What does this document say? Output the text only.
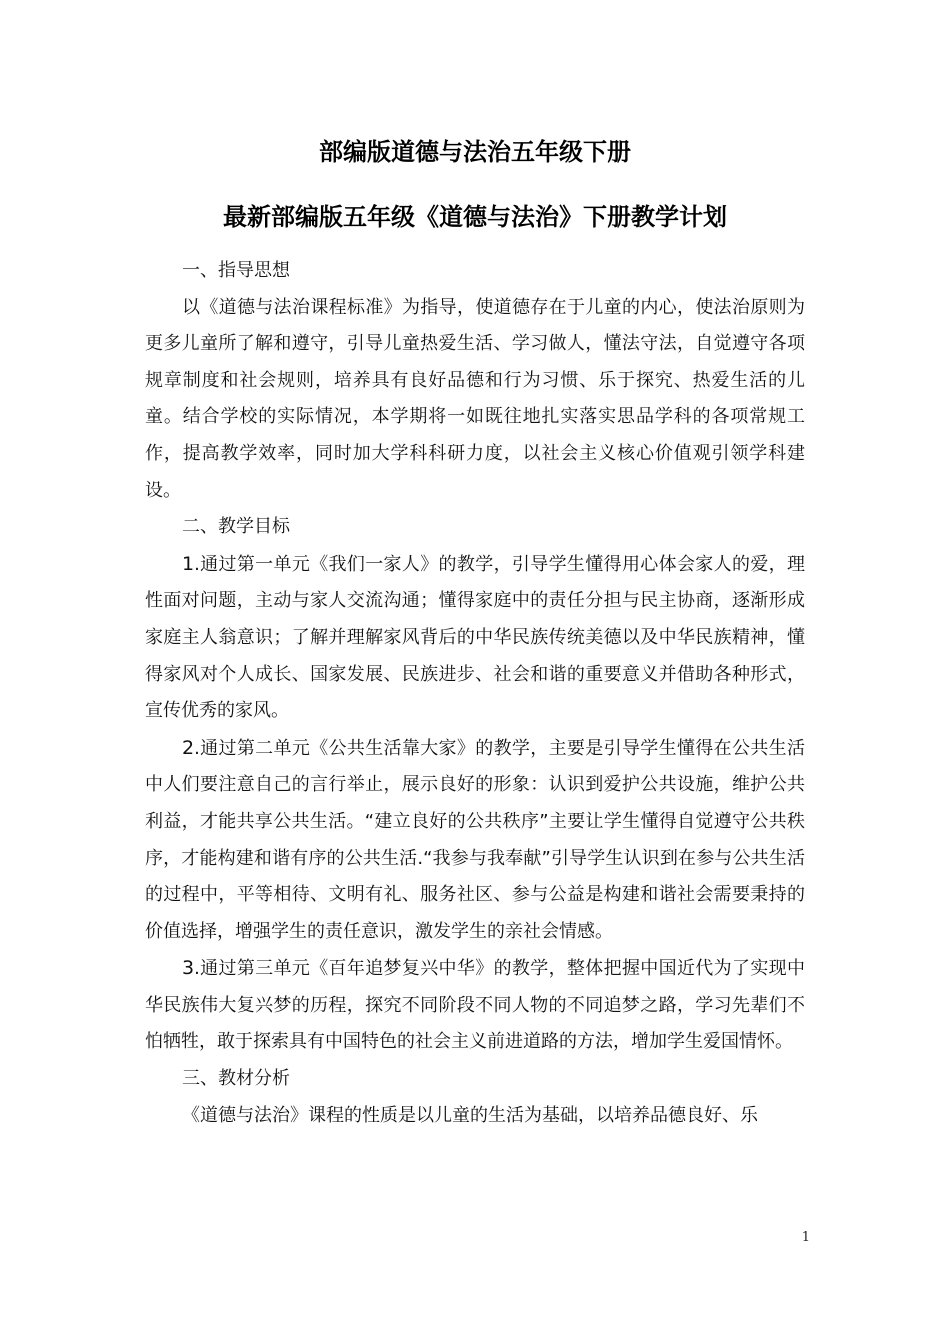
部编版道德与法治五年级下册
最新部编版五年级《道德与法治》下册教学计划

一、指导思想

以《道德与法治课程标准》为指导，使道德存在于儿童的内心，使法治原则为更多儿童所了解和遵守，引导儿童热爱生活、学习做人，懂法守法，自觉遵守各项规章制度和社会规则，培养具有良好品德和行为习惯、乐于探究、热爱生活的儿童。结合学校的实际情况，本学期将一如既往地扎实落实思品学科的各项常规工作，提高教学效率，同时加大学科科研力度，以社会主义核心价值观引领学科建设。

二、教学目标

1.通过第一单元《我们一家人》的教学，引导学生懂得用心体会家人的爱，理性面对问题，主动与家人交流沟通；懂得家庭中的责任分担与民主协商，逐渐形成家庭主人翁意识；了解并理解家风背后的中华民族传统美德以及中华民族精神，懂得家风对个人成长、国家发展、民族进步、社会和谐的重要意义并借助各种形式，宣传优秀的家风。

2.通过第二单元《公共生活靠大家》的教学，主要是引导学生懂得在公共生活中人们要注意自己的言行举止，展示良好的形象：认识到爱护公共设施，维护公共利益，才能共享公共生活。“建立良好的公共秩序”主要让学生懂得自觉遵守公共秩序，才能构建和谐有序的公共生活.“我参与我奉献”引导学生认识到在参与公共生活的过程中，平等相待、文明有礼、服务社区、参与公益是构建和谐社会需要秉持的价值选择，增强学生的责任意识，激发学生的亲社会情感。

3.通过第三单元《百年追梦复兴中华》的教学，整体把握中国近代为了实现中华民族伟大复兴梦的历程，探究不同阶段不同人物的不同追梦之路，学习先辈们不怕牺牲，敢于探索具有中国特色的社会主义前进道路的方法，增加学生爱国情怀。

三、教材分析

《道德与法治》课程的性质是以儿童的生活为基础，以培养品德良好、乐

1
